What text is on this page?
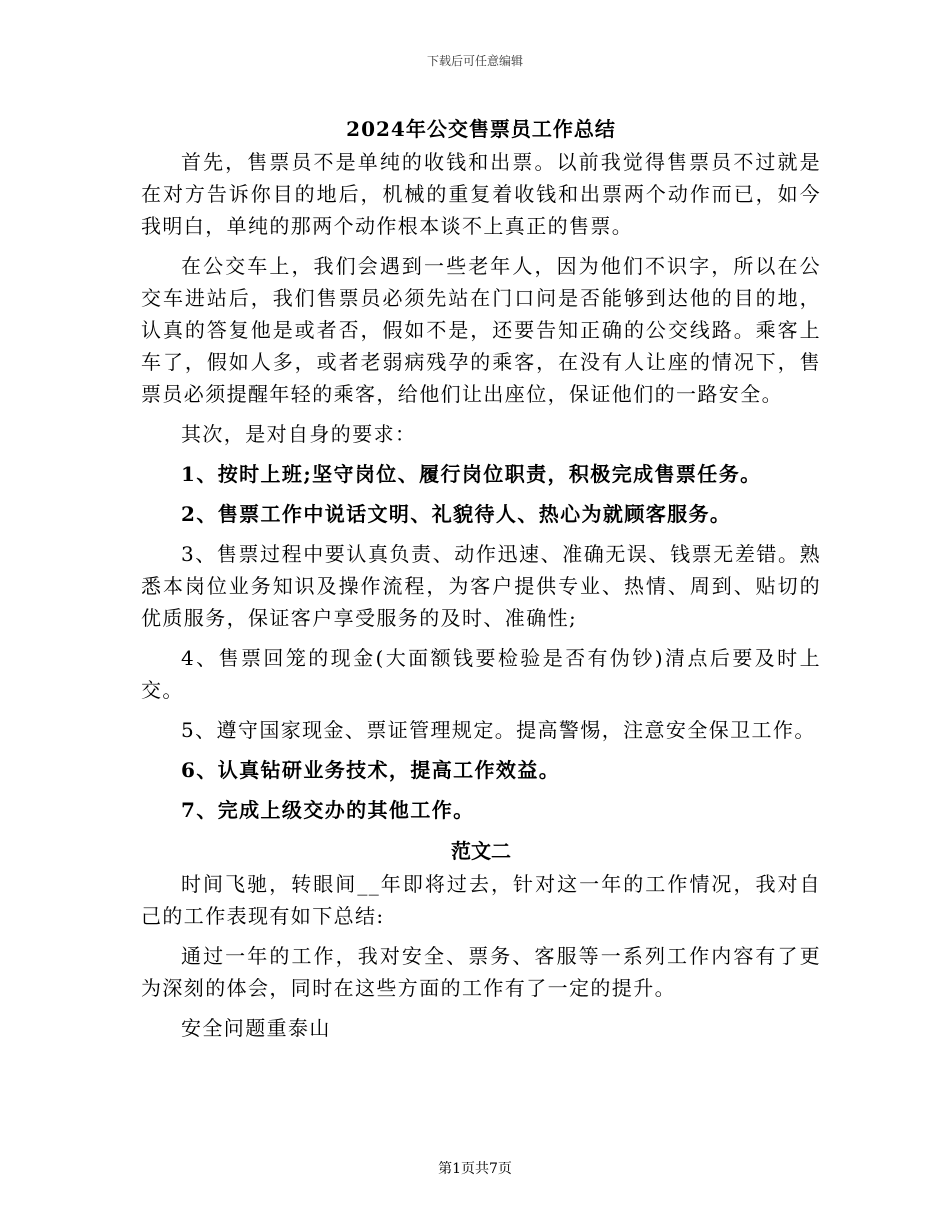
下载后可任意编辑
2024年公交售票员工作总结

首先，售票员不是单纯的收钱和出票。以前我觉得售票员不过就是在对方告诉你目的地后，机械的重复着收钱和出票两个动作而已，如今我明白，单纯的那两个动作根本谈不上真正的售票。

在公交车上，我们会遇到一些老年人，因为他们不识字，所以在公交车进站后，我们售票员必须先站在门口问是否能够到达他的目的地，认真的答复他是或者否，假如不是，还要告知正确的公交线路。乘客上车了，假如人多，或者老弱病残孕的乘客，在没有人让座的情况下，售票员必须提醒年轻的乘客，给他们让出座位，保证他们的一路安全。

其次，是对自身的要求：

1、按时上班;坚守岗位、履行岗位职责，积极完成售票任务。

2、售票工作中说话文明、礼貌待人、热心为就顾客服务。

3、售票过程中要认真负责、动作迅速、准确无误、钱票无差错。熟悉本岗位业务知识及操作流程，为客户提供专业、热情、周到、贴切的优质服务，保证客户享受服务的及时、准确性;

4、售票回笼的现金(大面额钱要检验是否有伪钞)清点后要及时上交。

5、遵守国家现金、票证管理规定。提高警惕，注意安全保卫工作。

6、认真钻研业务技术，提高工作效益。

7、完成上级交办的其他工作。

范文二

时间飞驰，转眼间__年即将过去，针对这一年的工作情况，我对自己的工作表现有如下总结:

通过一年的工作，我对安全、票务、客服等一系列工作内容有了更为深刻的体会，同时在这些方面的工作有了一定的提升。

安全问题重泰山

第1页共7页
